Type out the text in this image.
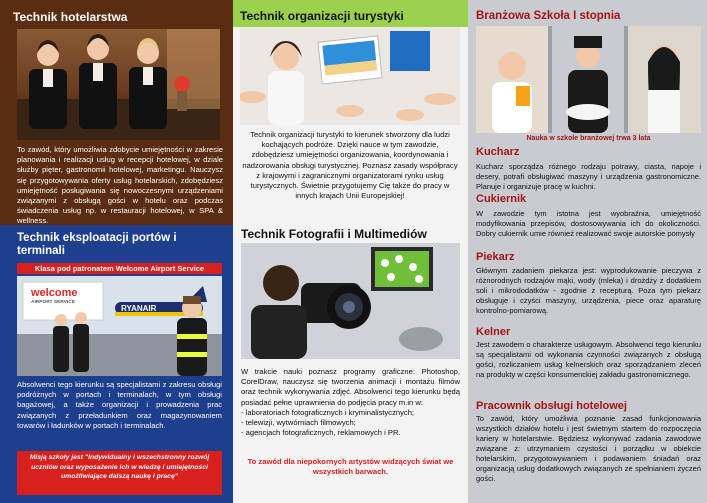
Technik hotelarstwa
To zawód, który umożliwia zdobycie umiejętności w zakresie planowania i realizacji usług w recepcji hotelowej, w dziale służby pięter, gastronomii hotelowej, marketingu. Nauczysz się przygotowywania oferty usług hotelarskich, zdobędziesz umiejętność posługiwania się nowoczesnymi urządzeniami związanymi z obsługą gości w hotelu oraz podczas świadczenia usług np. w restauracji hotelowej, w SPA & wellness.
Technik eksploatacji portów i terminali
Klasa pod patronatem Welcome Airport Service
welcome
AIRPORT SERVICE
RYANAIR
Absolwenci tego kierunku są specjalistami z zakresu obsługi podróżnych w portach i terminalach, w tym obsługi bagażowej, a także organizacji i prowadzenia prac związanych z przeładunkiem oraz magazynowaniem towarów i ładunków w portach i terminalach.
Misją szkoły jest "Indywidualny i wszechstronny rozwój uczniów oraz wyposażenie ich w wiedzę i umiejętności umożliwiające dalszą naukę i pracę"
Technik organizacji turystyki
Technik organizacji turystyki to kierunek stworzony dla ludzi kochających podróże. Dzięki nauce w tym zawodzie, zdobędziesz umiejętności organizowania, koordynowania i nadzorowania obsługi turystycznej. Poznasz zasady współpracy z krajowymi i zagranicznymi organizatorami rynku usług turystycznych. Świetnie przygotujemy Cię także do pracy w innych krajach Unii Europejskiej!
Technik Fotografii i Multimediów
W trakcie nauki poznasz programy graficzne: Photoshop, CorelDraw, nauczysz się tworzenia animacji i montażu filmów oraz technik wykonywania zdjęć. Absolwenci tego kierunku będą posiadać pełne uprawnienia do podjęcia pracy m.in w:
- laboratoriach fotograficznych i kryminalistycznych;
- telewizji, wytwórniach filmowych;
- agencjach fotograficznych, reklamowych i PR.
To zawód dla niepokornych artystów widzących świat we wszystkich barwach.
Branżowa Szkoła I stopnia
Nauka w szkole branżowej trwa 3 lata
Kucharz
Kucharz sporządza różnego rodzaju potrawy, ciasta, napoje i desery, potrafi obsługiwać maszyny i urządzenia gastronomiczne. Planuje i organizuje pracę w kuchni.
Cukiernik
W zawodzie tym istotna jest wyobraźnia, umiejętność modyfikowania przepisów, dostosowywania ich do okoliczności. Dobry cukiernik umie również realizować swoje autorskie pomysły
Piekarz
Głównym zadaniem piekarza jest: wyprodukowanie pieczywa z różnorodnych rodzajów mąki, wody (mleka) i drożdży z dodatkiem soli i mikrododatków - zgodnie z recepturą. Poza tym piekarz obsługuje i czyści maszyny, urządzenia, piece oraz aparaturę kontrolno-pomiarową.
Kelner
Jest zawodem o charakterze usługowym. Absolwenci tego kierunku są specjalistami od wykonania czynności związanych z obsługą gości, rozliczaniem usług kelnerskich oraz sporządzaniem zleceń na produkty w części konsumenckiej zakładu gastronomicznego.
Pracownik obsługi hotelowej
To zawód, który umożliwia poznanie zasad funkcjonowania wszystkich działów hotelu i jest świetnym startem do rozpoczęcia kariery w hotelarstwie. Będziesz wykonywać zadania zawodowe związane z: utrzymaniem czystości i porządku w obiekcie hotelarskim, przygotowywaniem i podawaniem śniadań oraz organizacją usług dodatkowych związanych ze spełnianiem życzeń gości.
